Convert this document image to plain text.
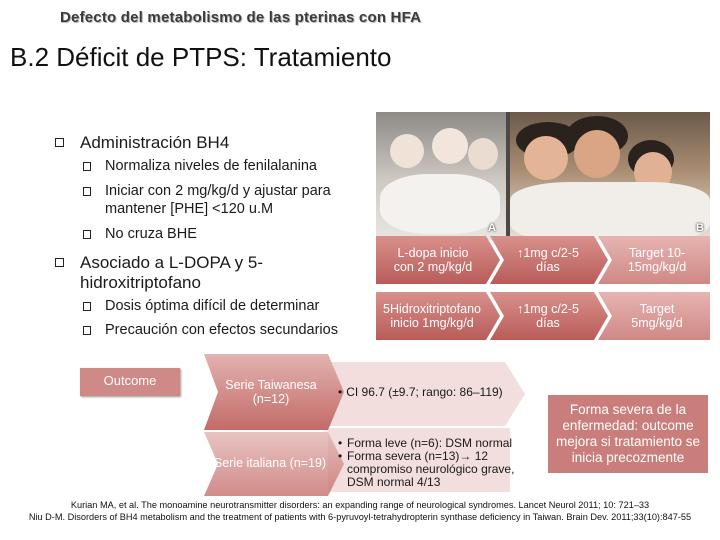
Defecto del metabolismo de las pterinas con HFA
B.2 Déficit de PTPS: Tratamiento
Administración BH4
Normaliza niveles de fenilalanina
Iniciar con 2 mg/kg/d y ajustar para mantener [PHE] <120 u.M
No cruza BHE
Asociado a L-DOPA y 5-hidroxitriptofano
Dosis óptima difícil de determinar
Precaución con efectos secundarios
A	B
L-dopa inicio con 2 mg/kg/d
↑1mg c/2-5 días
Target 10-15mg/kg/d
5Hidroxitriptofano inicio 1mg/kg/d
↑1mg c/2-5 días
Target 5mg/kg/d
Outcome	Serie Taiwanesa (n=12)
Serie italiana (n=19)
• CI 96.7 (±9.7; rango: 86–119)
• Forma leve (n=6): DSM normal
• Forma severa (n=13)→ 12 compromiso neurológico grave, DSM normal 4/13
Forma severa de la enfermedad: outcome mejora si tratamiento se inicia precozmente
Kurian MA, et al. The monoamine neurotransmitter disorders: an expanding range of neurological syndromes. Lancet Neurol 2011; 10: 721–33
Niu D-M. Disorders of BH4 metabolism and the treatment of patients with 6-pyruvoyl-tetrahydropterin synthase deficiency in Taiwan. Brain Dev. 2011;33(10):847-55
